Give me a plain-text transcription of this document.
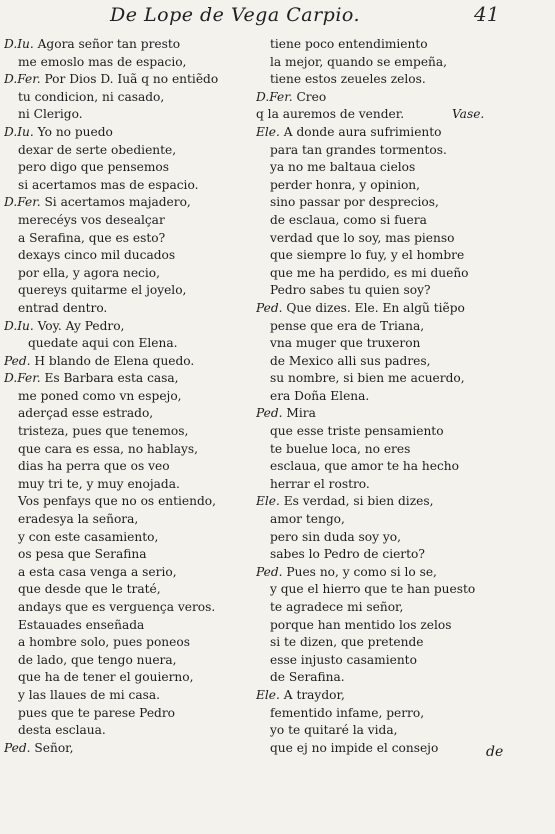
De Lope de Vega Carpio.	41
D.Iu. Agora señor tan presto
me emoslo mas de espacio,
D.Fer. Por Dios D. Iuã q no entiẽdo
tu condicion, ni casado,
ni Clerigo.
D.Iu. Yo no puedo
dexar de serte obediente,
pero digo que pensemos
si acertamos mas de espacio.
D.Fer. Si acertamos majadero,
merecéys vos desealçar
a Serafina, que es esto?
dexays cinco mil ducados
por ella, y agora necio,
quereys quitarme el joyelo,
entrad dentro.
D.Iu. Voy. Ay Pedro,
quedate aqui con Elena.
Ped. H blando de Elena quedo.
D.Fer. Es Barbara esta casa,
me poned como vn espejo,
aderçad esse estrado,
tristeza, pues que tenemos,
que cara es essa, no hablays,
dias ha perra que os veo
muy tri te, y muy enojada.
Vos penfays que no os entiendo,
eradesya la señora,
y con este casamiento,
os pesa que Serafina
a esta casa venga a serio,
que desde que le traté,
andays que es verguença veros.
Estauades enseñada
a hombre solo, pues poneos
de lado, que tengo nuera,
que ha de tener el gouierno,
y las llaues de mi casa.
pues que te parese Pedro
desta esclaua.
Ped. Señor,
tiene poco entendimiento
la mejor, quando se empeña,
tiene estos zeueles zelos.
D.Fer. Creo
q la auremos de vender.	Vase.
Ele. A donde aura sufrimiento
para tan grandes tormentos.
ya no me baltaua cielos
perder honra, y opinion,
sino passar por desprecios,
de esclaua, como si fuera
verdad que lo soy, mas pienso
que siempre lo fuy, y el hombre
que me ha perdido, es mi dueño
Pedro sabes tu quien soy?
Ped. Que dizes. Ele. En algũ tiẽpo
pense que era de Triana,
vna muger que truxeron
de Mexico alli sus padres,
su nombre, si bien me acuerdo,
era Doña Elena.
Ped. Mira
que esse triste pensamiento
te buelue loca, no eres
esclaua, que amor te ha hecho
herrar el rostro.
Ele. Es verdad, si bien dizes,
amor tengo,
pero sin duda soy yo,
sabes lo Pedro de cierto?
Ped. Pues no, y como si lo se,
y que el hierro que te han puesto
te agradece mi señor,
porque han mentido los zelos
si te dizen, que pretende
esse injusto casamiento
de Serafina.
Ele. A traydor,
fementido infame, perro,
yo te quitaré la vida,
que ej no impide el consejo	de
